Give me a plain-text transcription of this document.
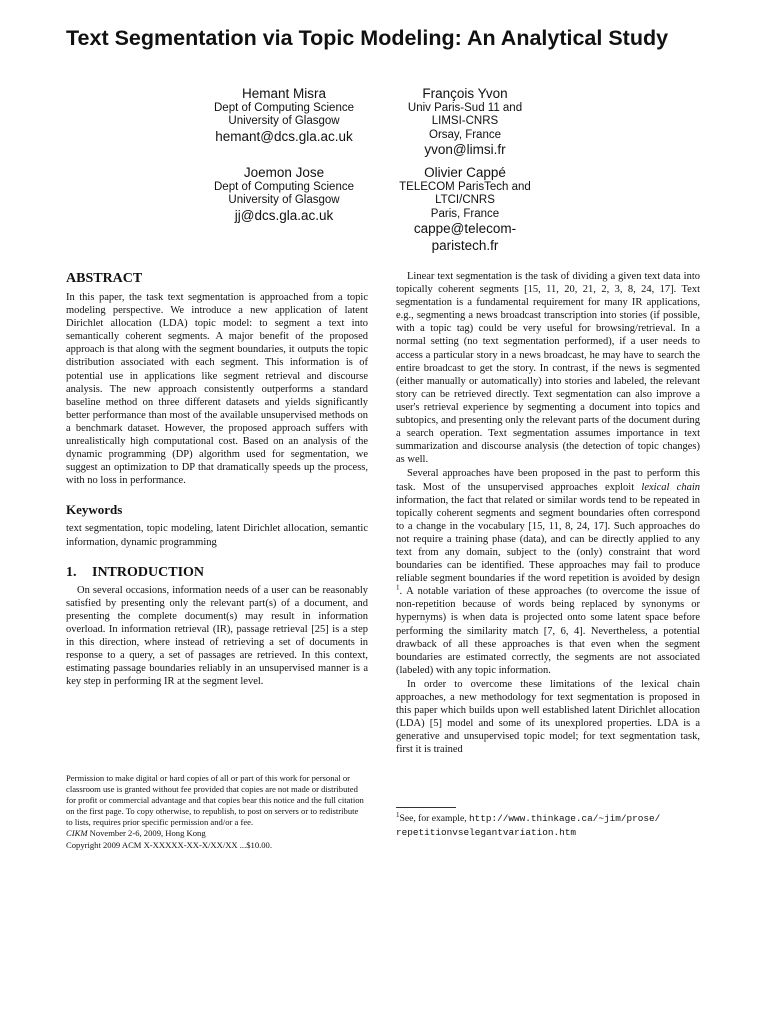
Text Segmentation via Topic Modeling: An Analytical Study
Hemant Misra
Dept of Computing Science
University of Glasgow
hemant@dcs.gla.ac.uk
François Yvon
Univ Paris-Sud 11 and
LIMSI-CNRS
Orsay, France
yvon@limsi.fr
Joemon Jose
Dept of Computing Science
University of Glasgow
jj@dcs.gla.ac.uk
Olivier Cappé
TELECOM ParisTech and
LTCI/CNRS
Paris, France
cappe@telecom-
paristech.fr
ABSTRACT

In this paper, the task text segmentation is approached from a topic modeling perspective. We introduce a new application of latent Dirichlet allocation (LDA) topic model: to segment a text into semantically coherent segments. A major benefit of the proposed approach is that along with the segment boundaries, it outputs the topic distribution associated with each segment. This information is of potential use in applications like segment retrieval and discourse analysis. The new approach consistently outperforms a standard baseline method on three different datasets and yields significantly better performance than most of the available unsupervised methods on a benchmark dataset. However, the proposed approach suffers with unrealistically high computational cost. Based on an analysis of the dynamic programming (DP) algorithm used for segmentation, we suggest an optimization to DP that dramatically speeds up the process, with no loss in performance.

Keywords

text segmentation, topic modeling, latent Dirichlet allocation, semantic information, dynamic programming

1. INTRODUCTION

On several occasions, information needs of a user can be reasonably satisfied by presenting only the relevant part(s) of a document, and presenting the complete document(s) may result in information overload. In information retrieval (IR), passage retrieval [25] is a step in this direction, where instead of retrieving a set of documents in response to a query, a set of passages are retrieved. In this context, estimating passage boundaries reliably in an unsupervised manner is a key step in performing IR at the segment level.

Permission to make digital or hard copies of all or part of this work for personal or classroom use is granted without fee provided that copies are not made or distributed for profit or commercial advantage and that copies bear this notice and the full citation on the first page. To copy otherwise, to republish, to post on servers or to redistribute to lists, requires prior specific permission and/or a fee.

CIKM November 2-6, 2009, Hong Kong

Copyright 2009 ACM X-XXXXX-XX-X/XX/XX ...$10.00.

Linear text segmentation is the task of dividing a given text data into topically coherent segments [15, 11, 20, 21, 2, 3, 8, 24, 17]. Text segmentation is a fundamental requirement for many IR applications, e.g., segmenting a news broadcast transcription into stories (if possible, with a topic tag) could be very useful for browsing/retrieval. In a normal setting (no text segmentation performed), if a user needs to access a particular story in a news broadcast, he may have to search the entire broadcast to get the story. In contrast, if the news is segmented (either manually or automatically) into stories and labeled, the relevant story can be retrieved directly. Text segmentation can also improve a user's retrieval experience by segmenting a document into topics and subtopics, and presenting only the relevant parts of the document during a search operation. Text segmentation assumes importance in text summarization and discourse analysis (the detection of topic changes) as well.

Several approaches have been proposed in the past to perform this task. Most of the unsupervised approaches exploit lexical chain information, the fact that related or similar words tend to be repeated in topically coherent segments and segment boundaries often correspond to a change in the vocabulary [15, 11, 8, 24, 17]. Such approaches do not require a training phase (data), and can be directly applied to any text from any domain, subject to the (only) constraint that word boundaries can be identified. These approaches may fail to produce reliable segment boundaries if the word repetition is avoided by design $^1$. A notable variation of these approaches (to overcome the issue of non-repetition because of words being replaced by synonyms or hypernyms) is when data is projected onto some latent space before performing the similarity match [7, 6, 4]. Nevertheless, a potential drawback of all these approaches is that even when the segment boundaries are estimated correctly, the segments are not associated (labeled) with any topic information.

In order to overcome these limitations of the lexical chain approaches, a new methodology for text segmentation is proposed in this paper which builds upon well established latent Dirichlet allocation (LDA) [5] model and some of its unexplored properties. LDA is a generative and unsupervised topic model; for text segmentation task, first it is trained

$^1$See, for example, http://www.thinkage.ca/~jim/prose/
repetitionvselegantvariation.htm
